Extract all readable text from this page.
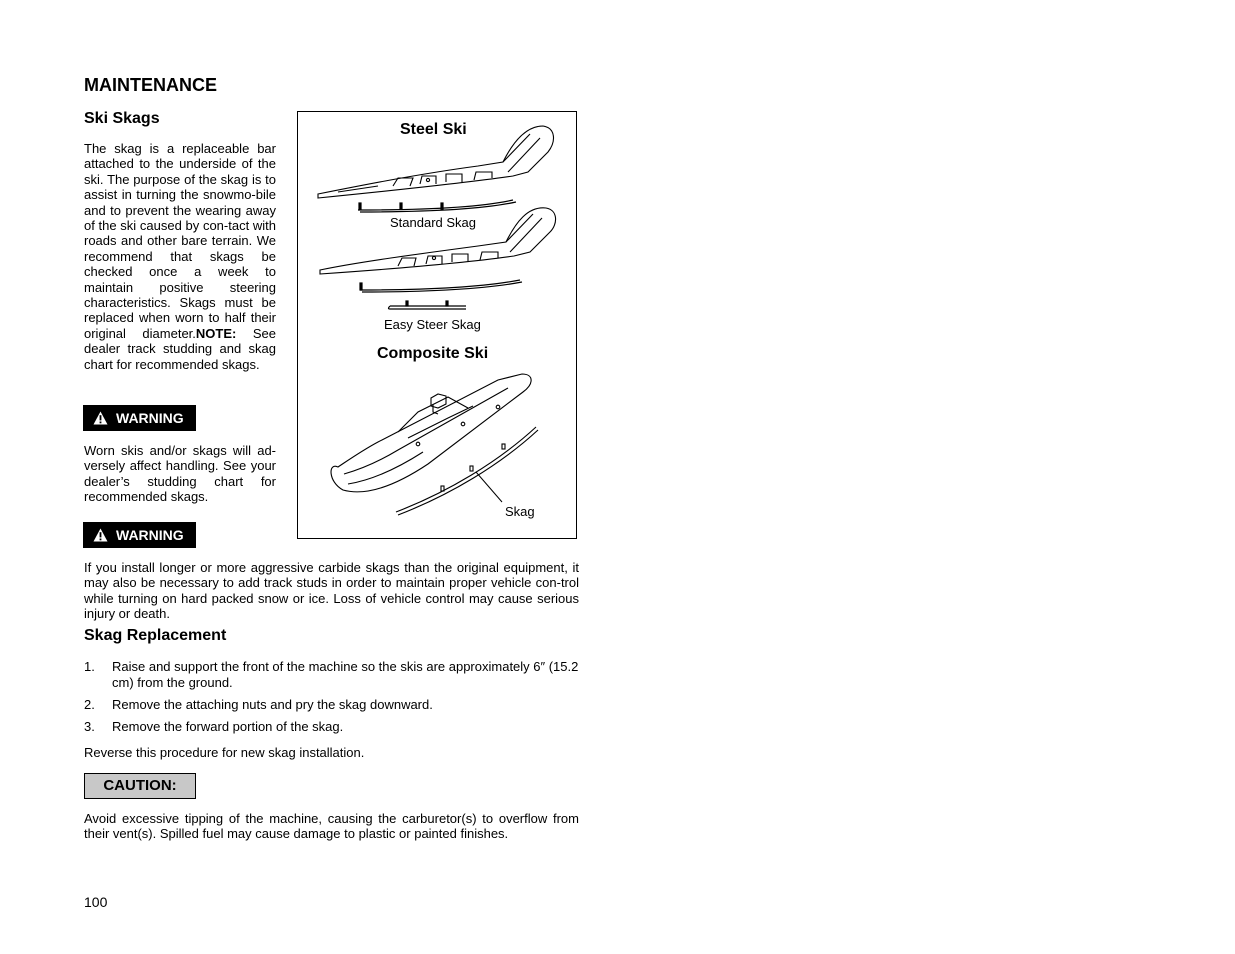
MAINTENANCE
Ski Skags
The skag is a replaceable bar attached to the underside of the ski. The purpose of the skag is to assist in turning the snowmo-bile and to prevent the wearing away of the ski caused by con-tact with roads and other bare terrain. We recommend that skags be checked once a week to maintain positive steering characteristics. Skags must be replaced when worn to half their original diameter.NOTE: See dealer track studding and skag chart for recommended skags.
WARNING
Worn skis and/or skags will ad-versely affect handling. See your dealer’s studding chart for recommended skags.
WARNING
If you install longer or more aggressive carbide skags than the original equipment, it may also be necessary to add track studs in order to maintain proper vehicle con-trol while turning on hard packed snow or ice. Loss of vehicle control may cause serious injury or death.
Steel Ski
Standard Skag
Easy Steer Skag
Composite Ski
Skag
Skag Replacement
1. Raise and support the front of the machine so the skis are approximately 6″ (15.2 cm) from the ground.
2. Remove the attaching nuts and pry the skag downward.
3. Remove the forward portion of the skag.
Reverse this procedure for new skag installation.
CAUTION:
Avoid excessive tipping of the machine, causing the carburetor(s) to overflow from their vent(s). Spilled fuel may cause damage to plastic or painted finishes.
100
